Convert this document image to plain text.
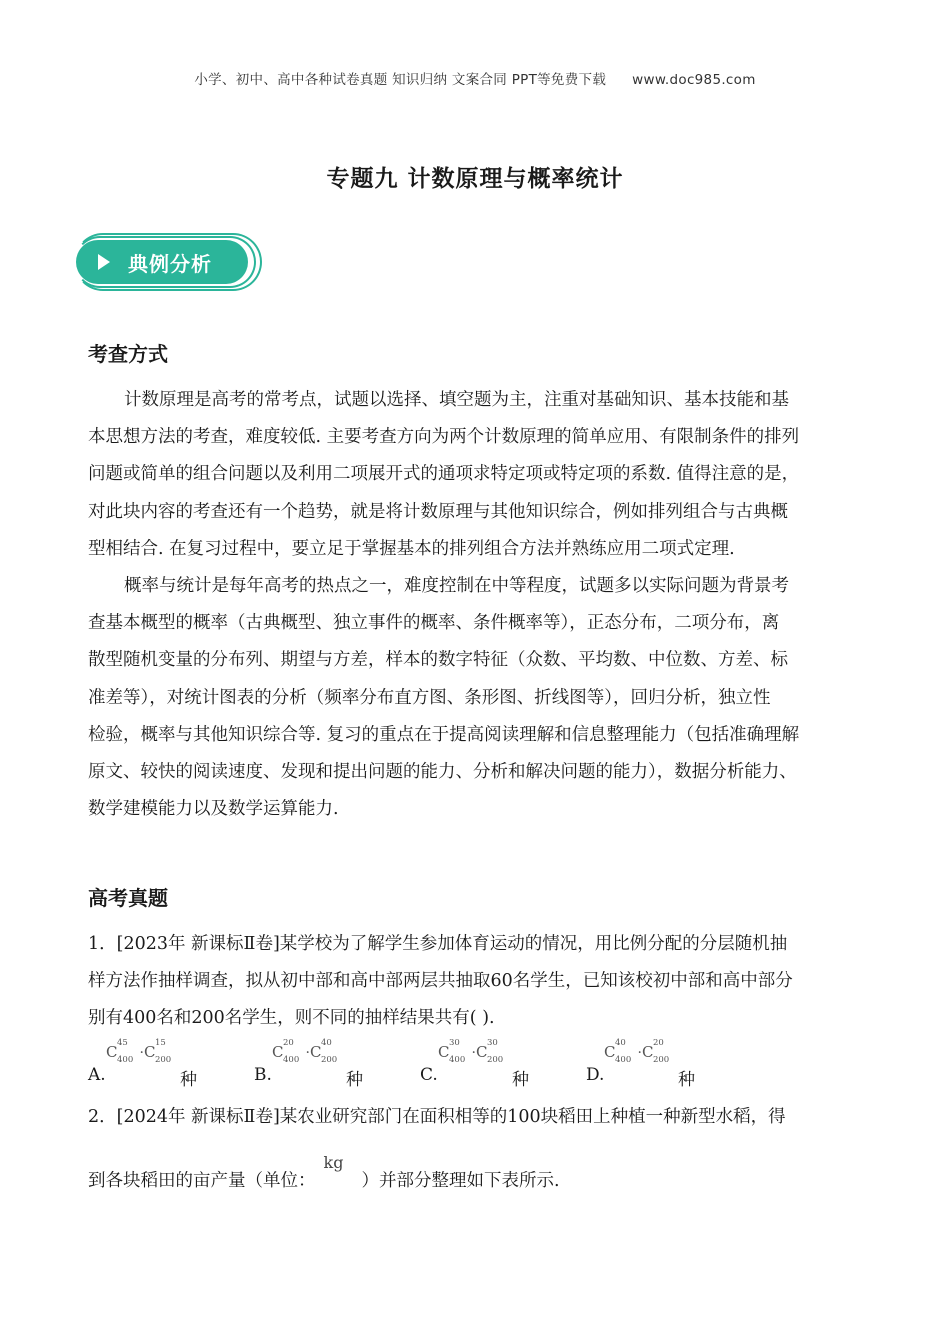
小学、初中、高中各种试卷真题 知识归纳 文案合同 PPT等免费下载 www.doc985.com
专题九 计数原理与概率统计
典例分析
考查方式
计数原理是高考的常考点，试题以选择、填空题为主，注重对基础知识、基本技能和基
本思想方法的考查，难度较低. 主要考查方向为两个计数原理的简单应用、有限制条件的排列
问题或简单的组合问题以及利用二项展开式的通项求特定项或特定项的系数. 值得注意的是，
对此块内容的考查还有一个趋势，就是将计数原理与其他知识综合，例如排列组合与古典概
型相结合. 在复习过程中，要立足于掌握基本的排列组合方法并熟练应用二项式定理.
概率与统计是每年高考的热点之一，难度控制在中等程度，试题多以实际问题为背景考
查基本概型的概率（古典概型、独立事件的概率、条件概率等），正态分布，二项分布，离
散型随机变量的分布列、期望与方差，样本的数字特征（众数、平均数、中位数、方差、标
准差等），对统计图表的分析（频率分布直方图、条形图、折线图等），回归分析，独立性
检验，概率与其他知识综合等. 复习的重点在于提高阅读理解和信息整理能力（包括准确理解
原文、较快的阅读速度、发现和提出问题的能力、分析和解决问题的能力），数据分析能力、
数学建模能力以及数学运算能力.
高考真题
1．[2023年 新课标Ⅱ卷]某学校为了解学生参加体育运动的情况，用比例分配的分层随机抽
样方法作抽样调查，拟从初中部和高中部两层共抽取60名学生，已知该校初中部和高中部分
别有400名和200名学生，则不同的抽样结果共有( ).
A.
C 45
400 ·C 15
200
种	B.
C 20
400 ·C 40
200
种	C.
C 30
400 ·C 30
200
种	D.
C 40
400 ·C 20
200
种
2．[2024年 新课标Ⅱ卷]某农业研究部门在面积相等的100块稻田上种植一种新型水稻，得
到各块稻田的亩产量（单位：
kg
）并部分整理如下表所示.
